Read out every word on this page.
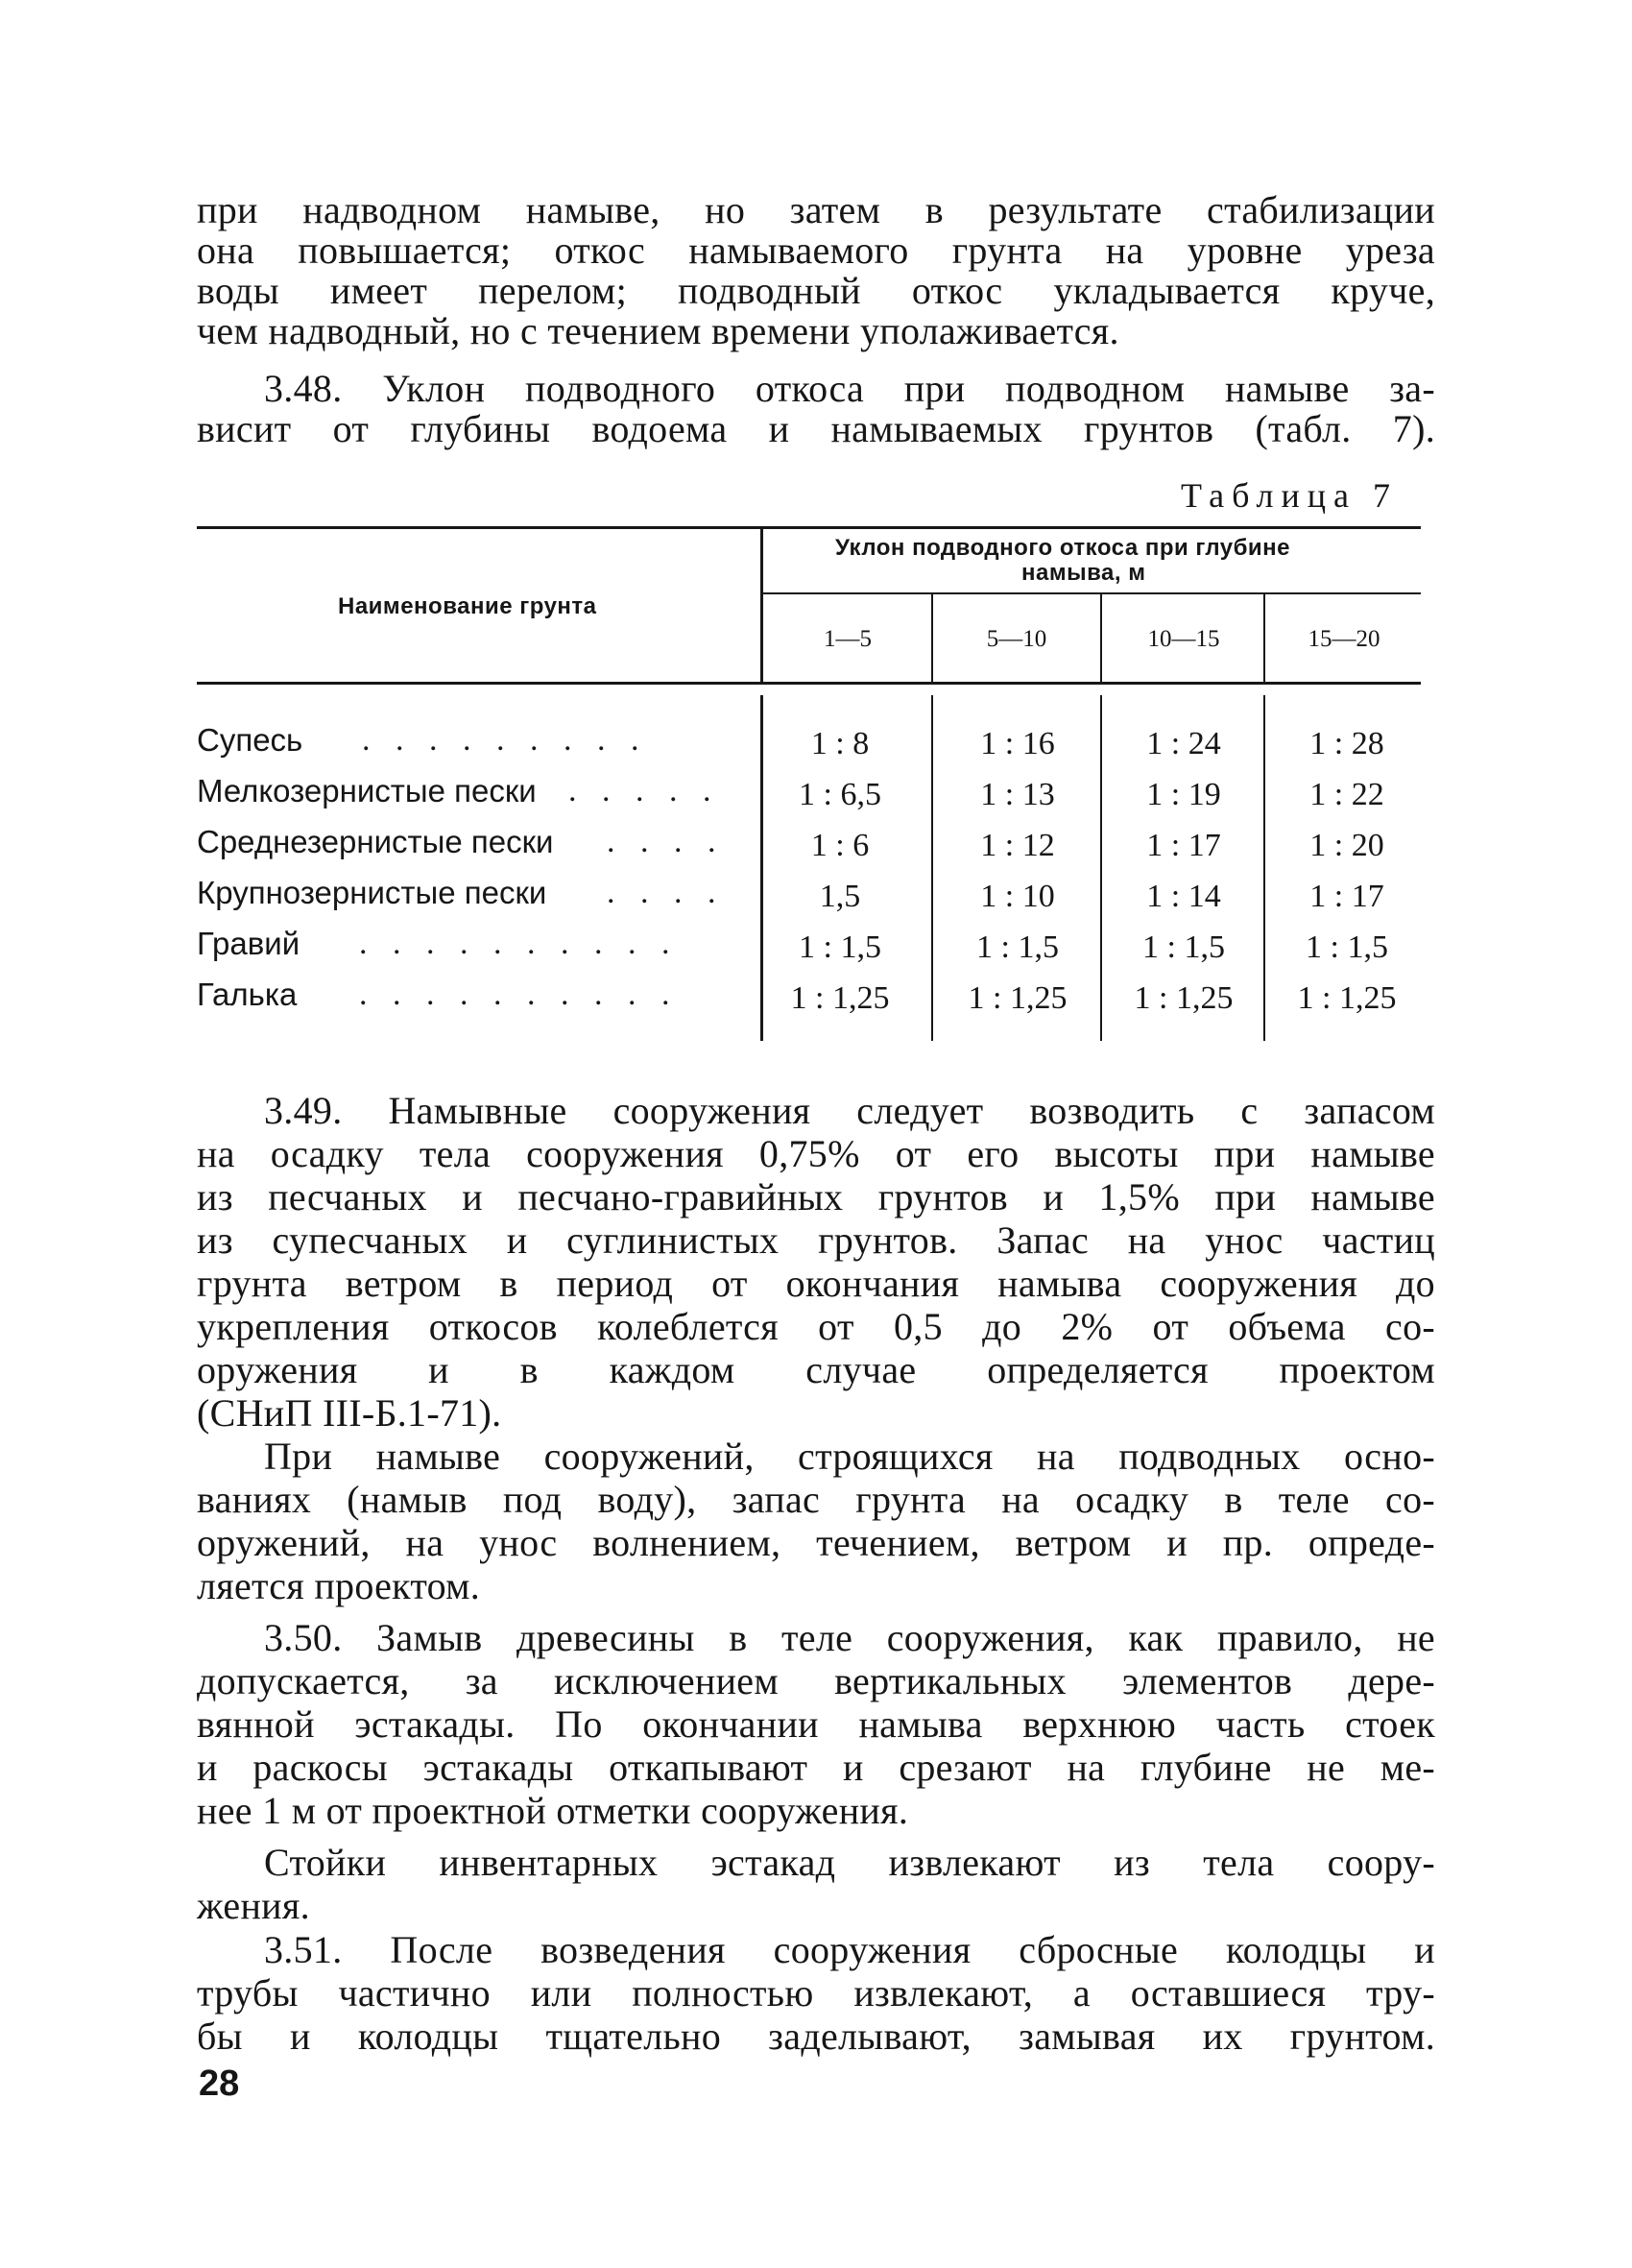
при надводном намыве, но затем в результате стабилизации
она повышается; откос намываемого грунта на уровне уреза
воды имеет перелом; подводный откос укладывается круче,
чем надводный, но с течением времени уполаживается.
3.48. Уклон подводного откоса при подводном намыве за-
висит от глубины водоема и намываемых грунтов (табл. 7).
Таблица 7
Наименование грунта
Уклон подводного откоса при глубине
намыва, м
1—5	5—10	10—15	15—20
Супесь . . . . . . . . .	1 : 8	1 : 16	1 : 24	1 : 28
Мелкозернистые пески . . . . .	1 : 6,5	1 : 13	1 : 19	1 : 22
Среднезернистые пески . . . .	1 : 6	1 : 12	1 : 17	1 : 20
Крупнозернистые пески . . . .	1,5	1 : 10	1 : 14	1 : 17
Гравий . . . . . . . . . .	1 : 1,5	1 : 1,5	1 : 1,5	1 : 1,5
Галька . . . . . . . . . .	1 : 1,25	1 : 1,25	1 : 1,25	1 : 1,25
3.49. Намывные сооружения следует возводить с запасом
на осадку тела сооружения 0,75% от его высоты при намыве
из песчаных и песчано-гравийных грунтов и 1,5% при намыве
из супесчаных и суглинистых грунтов. Запас на унос частиц
грунта ветром в период от окончания намыва сооружения до
укрепления откосов колеблется от 0,5 до 2% от объема со-
оружения и в каждом случае определяется проектом
(СНиП III-Б.1-71).
При намыве сооружений, строящихся на подводных осно-
ваниях (намыв под воду), запас грунта на осадку в теле со-
оружений, на унос волнением, течением, ветром и пр. опреде-
ляется проектом.
3.50. Замыв древесины в теле сооружения, как правило, не
допускается, за исключением вертикальных элементов дере-
вянной эстакады. По окончании намыва верхнюю часть стоек
и раскосы эстакады откапывают и срезают на глубине не ме-
нее 1 м от проектной отметки сооружения.
Стойки инвентарных эстакад извлекают из тела соору-
жения.
3.51. После возведения сооружения сбросные колодцы и
трубы частично или полностью извлекают, а оставшиеся тру-
бы и колодцы тщательно заделывают, замывая их грунтом.
28
